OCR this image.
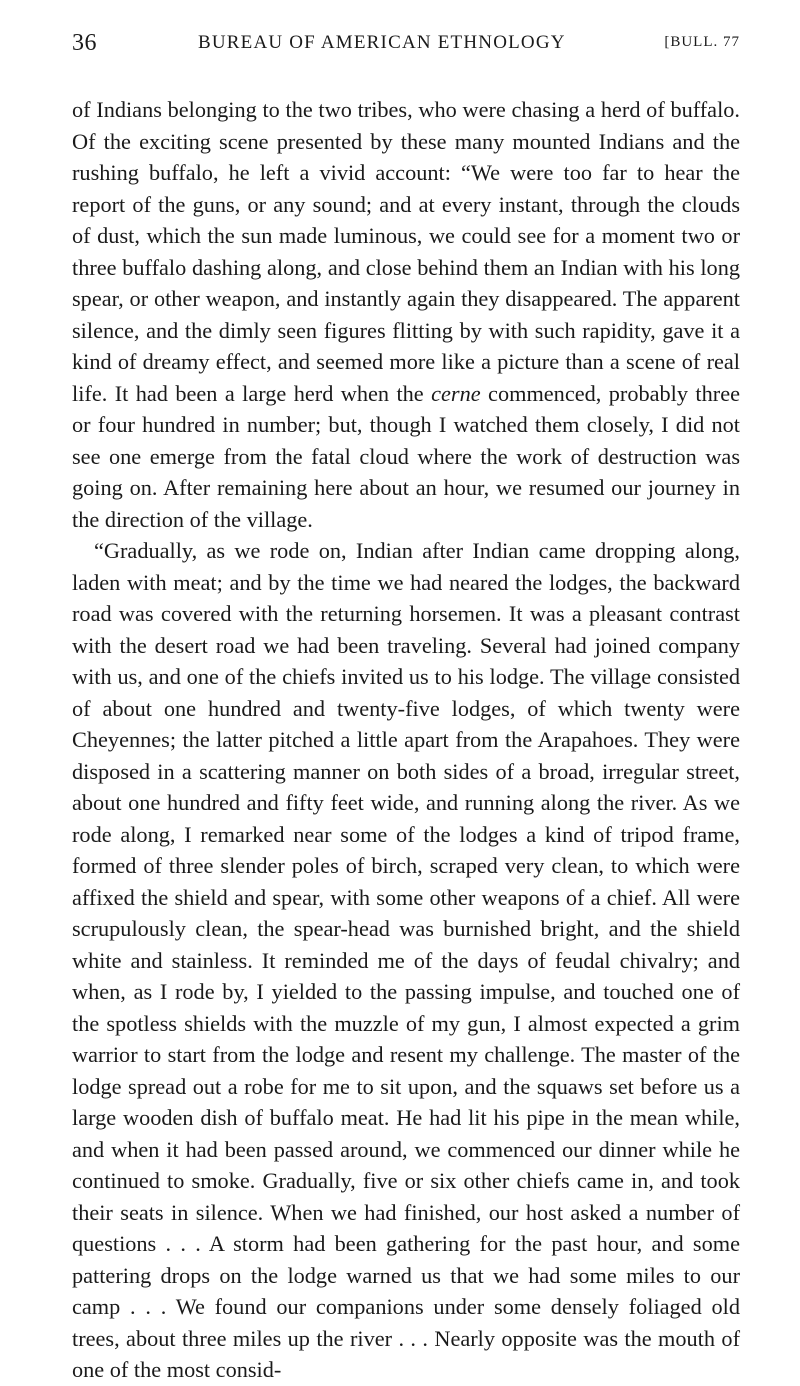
36	BUREAU OF AMERICAN ETHNOLOGY	[BULL. 77

of Indians belonging to the two tribes, who were chasing a herd of buffalo. Of the exciting scene presented by these many mounted Indians and the rushing buffalo, he left a vivid account: “We were too far to hear the report of the guns, or any sound; and at every instant, through the clouds of dust, which the sun made luminous, we could see for a moment two or three buffalo dashing along, and close behind them an Indian with his long spear, or other weapon, and instantly again they disappeared. The apparent silence, and the dimly seen figures flitting by with such rapidity, gave it a kind of dreamy effect, and seemed more like a picture than a scene of real life. It had been a large herd when the cerne commenced, probably three or four hundred in number; but, though I watched them closely, I did not see one emerge from the fatal cloud where the work of destruction was going on. After remaining here about an hour, we resumed our journey in the direction of the village.

“Gradually, as we rode on, Indian after Indian came dropping along, laden with meat; and by the time we had neared the lodges, the backward road was covered with the returning horsemen. It was a pleasant contrast with the desert road we had been traveling. Several had joined company with us, and one of the chiefs invited us to his lodge. The village consisted of about one hundred and twenty-five lodges, of which twenty were Cheyennes; the latter pitched a little apart from the Arapahoes. They were disposed in a scattering manner on both sides of a broad, irregular street, about one hundred and fifty feet wide, and running along the river. As we rode along, I remarked near some of the lodges a kind of tripod frame, formed of three slender poles of birch, scraped very clean, to which were affixed the shield and spear, with some other weapons of a chief. All were scrupulously clean, the spear-head was burnished bright, and the shield white and stainless. It reminded me of the days of feudal chivalry; and when, as I rode by, I yielded to the passing impulse, and touched one of the spotless shields with the muzzle of my gun, I almost expected a grim warrior to start from the lodge and resent my challenge. The master of the lodge spread out a robe for me to sit upon, and the squaws set before us a large wooden dish of buffalo meat. He had lit his pipe in the mean while, and when it had been passed around, we commenced our dinner while he continued to smoke. Gradually, five or six other chiefs came in, and took their seats in silence. When we had finished, our host asked a number of questions . . . A storm had been gathering for the past hour, and some pattering drops on the lodge warned us that we had some miles to our camp . . . We found our companions under some densely foliaged old trees, about three miles up the river . . . Nearly opposite was the mouth of one of the most consid-
